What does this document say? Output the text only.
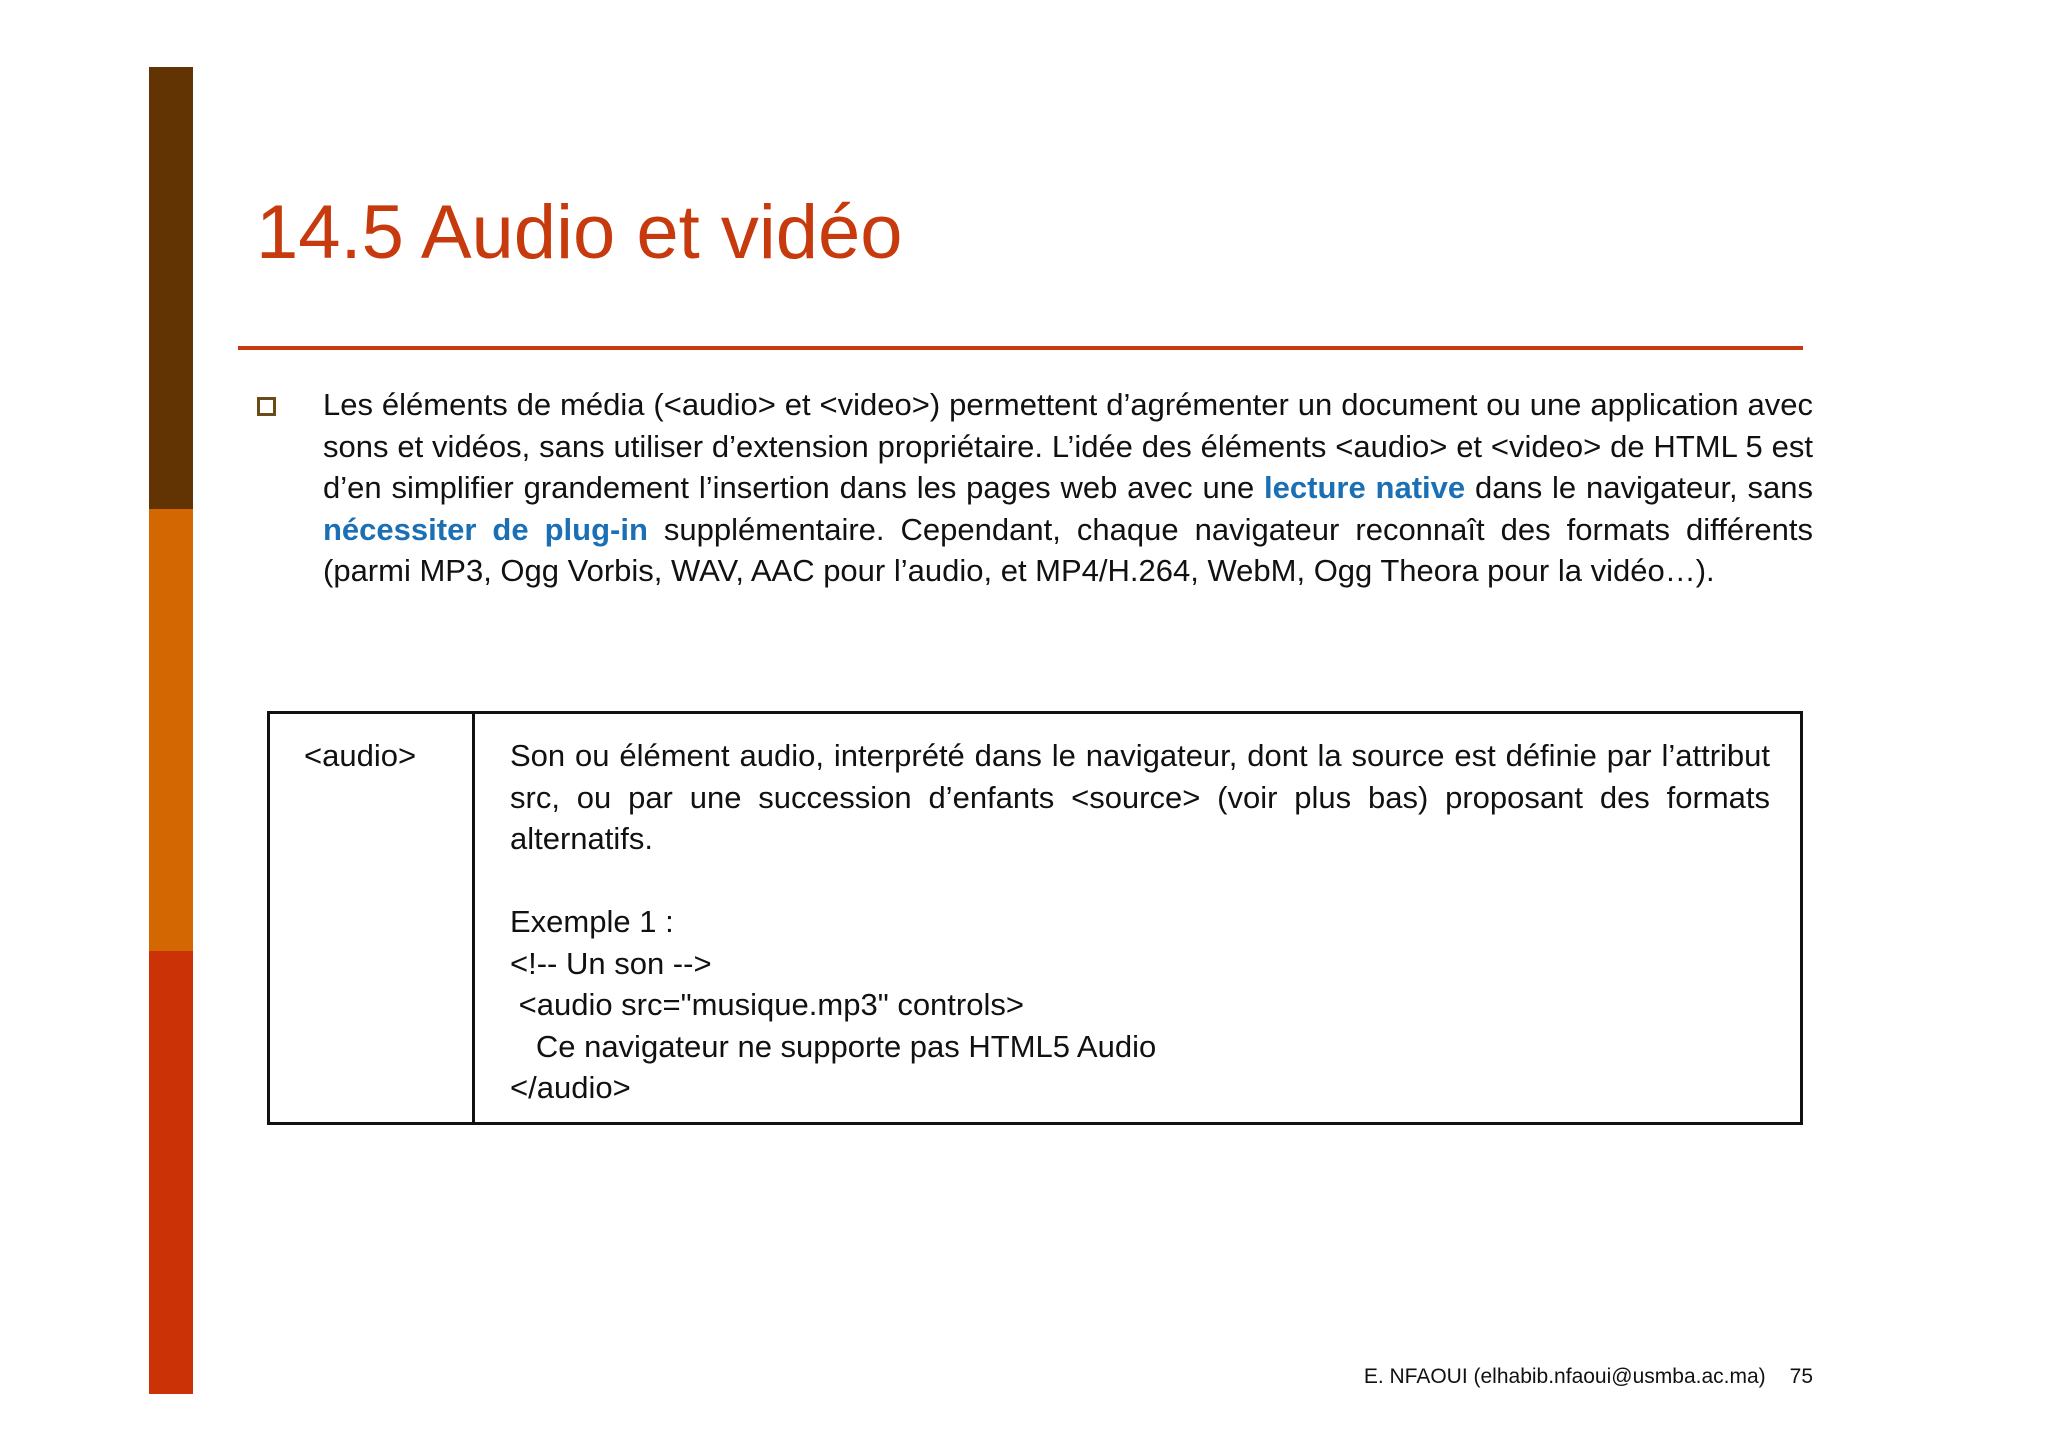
14.5 Audio et vidéo

Les éléments de média (<audio> et <video>) permettent d’agrémenter un document ou une application avec sons et vidéos, sans utiliser d’extension propriétaire. L’idée des éléments <audio> et <video> de HTML 5 est d’en simplifier grandement l’insertion dans les pages web avec une lecture native dans le navigateur, sans nécessiter de plug-in supplémentaire. Cependant, chaque navigateur reconnaît des formats différents (parmi MP3, Ogg Vorbis, WAV, AAC pour l’audio, et MP4/H.264, WebM, Ogg Theora pour la vidéo…).

<audio>	Son ou élément audio, interprété dans le navigateur, dont la source est définie par l’attribut src, ou par une succession d’enfants <source> (voir plus bas) proposant des formats alternatifs.

Exemple 1 :
<!-- Un son -->
<audio src="musique.mp3" controls>
Ce navigateur ne supporte pas HTML5 Audio
</audio>
E. NFAOUI (elhabib.nfaoui@usmba.ac.ma) 75
